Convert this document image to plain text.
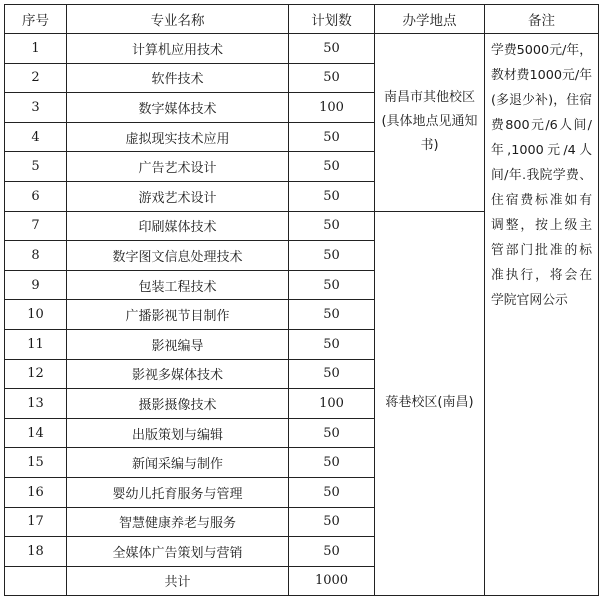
序号	专业名称	计划数	办学地点	备注
1	计算机应用技术	50	南昌市其他校区(具体地点见通知书)	学费5000元/年，教材费1000元/年(多退少补)，住宿费800元/6人间/年,1000元/4人间/年.我院学费、住宿费标准如有调整，按上级主管部门批准的标准执行，将会在学院官网公示
2	软件技术	50		
3	数字媒体技术	100		
4	虚拟现实技术应用	50		
5	广告艺术设计	50		
6	游戏艺术设计	50		
7	印刷媒体技术	50	蒋巷校区(南昌)	
8	数字图文信息处理技术	50		
9	包装工程技术	50		
10	广播影视节目制作	50		
11	影视编导	50		
12	影视多媒体技术	50		
13	摄影摄像技术	100		
14	出版策划与编辑	50		
15	新闻采编与制作	50		
16	婴幼儿托育服务与管理	50		
17	智慧健康养老与服务	50		
18	全媒体广告策划与营销	50		
	共计	1000		
